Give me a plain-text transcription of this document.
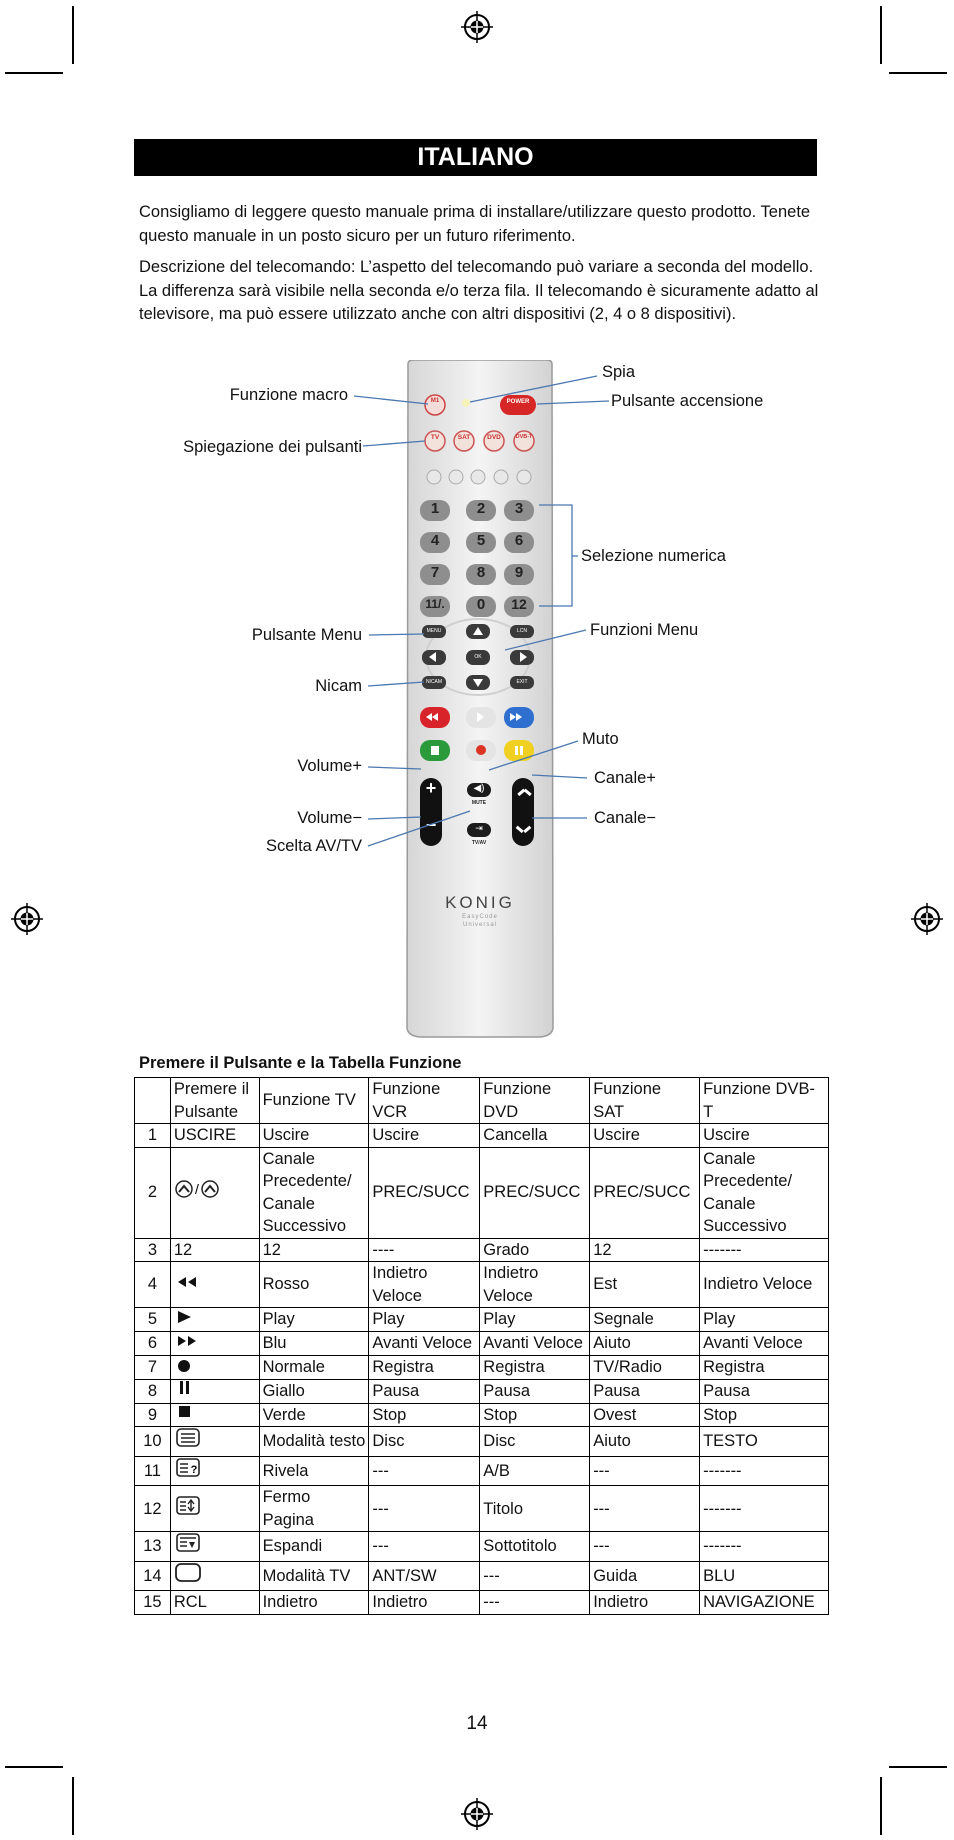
ITALIANO

Consigliamo di leggere questo manuale prima di installare/utilizzare questo prodotto. Tenete questo manuale in un posto sicuro per un futuro riferimento.

Descrizione del telecomando: L’aspetto del telecomando può variare a seconda del modello. La differenza sarà visibile nella seconda e/o terza fila. Il telecomando è sicuramente adatto al televisore, ma può essere utilizzato anche con altri dispositivi (2, 4 o 8 dispositivi).

M1	POWER
TV	SAT	DVD	DVB-T
1	2	3
4	5	6
7	8	9
11/.	0	12
MENU	LCN
OK
NICAM	EXIT
+
−
◀)
MUTE
⇥
TV/AV
KONIG
EasyCode
Universal
Spia
Funzione macro	Pulsante accensione
Spiegazione dei pulsanti
Selezione numerica
Pulsante Menu	Funzioni Menu
Nicam
Muto
Volume+
Canale+
Volume−	Canale−
Scelta AV/TV
Premere il Pulsante e la Tabella Funzione
	Premere il Pulsante	Funzione TV	Funzione VCR	Funzione DVD	Funzione SAT	Funzione DVB-T
1	USCIRE	Uscire	Uscire	Cancella	Uscire	Uscire
2	/	Canale Precedente/ Canale Successivo	PREC/SUCC	PREC/SUCC	PREC/SUCC	Canale Precedente/ Canale Successivo
3	12	12	----	Grado	12	-------
4		Rosso	Indietro Veloce	Indietro Veloce	Est	Indietro Veloce
5		Play	Play	Play	Segnale	Play
6		Blu	Avanti Veloce	Avanti Veloce	Aiuto	Avanti Veloce
7		Normale	Registra	Registra	TV/Radio	Registra
8		Giallo	Pausa	Pausa	Pausa	Pausa
9		Verde	Stop	Stop	Ovest	Stop
10		Modalità testo	Disc	Disc	Aiuto	TESTO
11	?	Rivela	---	A/B	---	-------
12		Fermo Pagina	---	Titolo	---	-------
13		Espandi	---	Sottotitolo	---	-------
14		Modalità TV	ANT/SW	---	Guida	BLU
15	RCL	Indietro	Indietro	---	Indietro	NAVIGAZIONE
14
